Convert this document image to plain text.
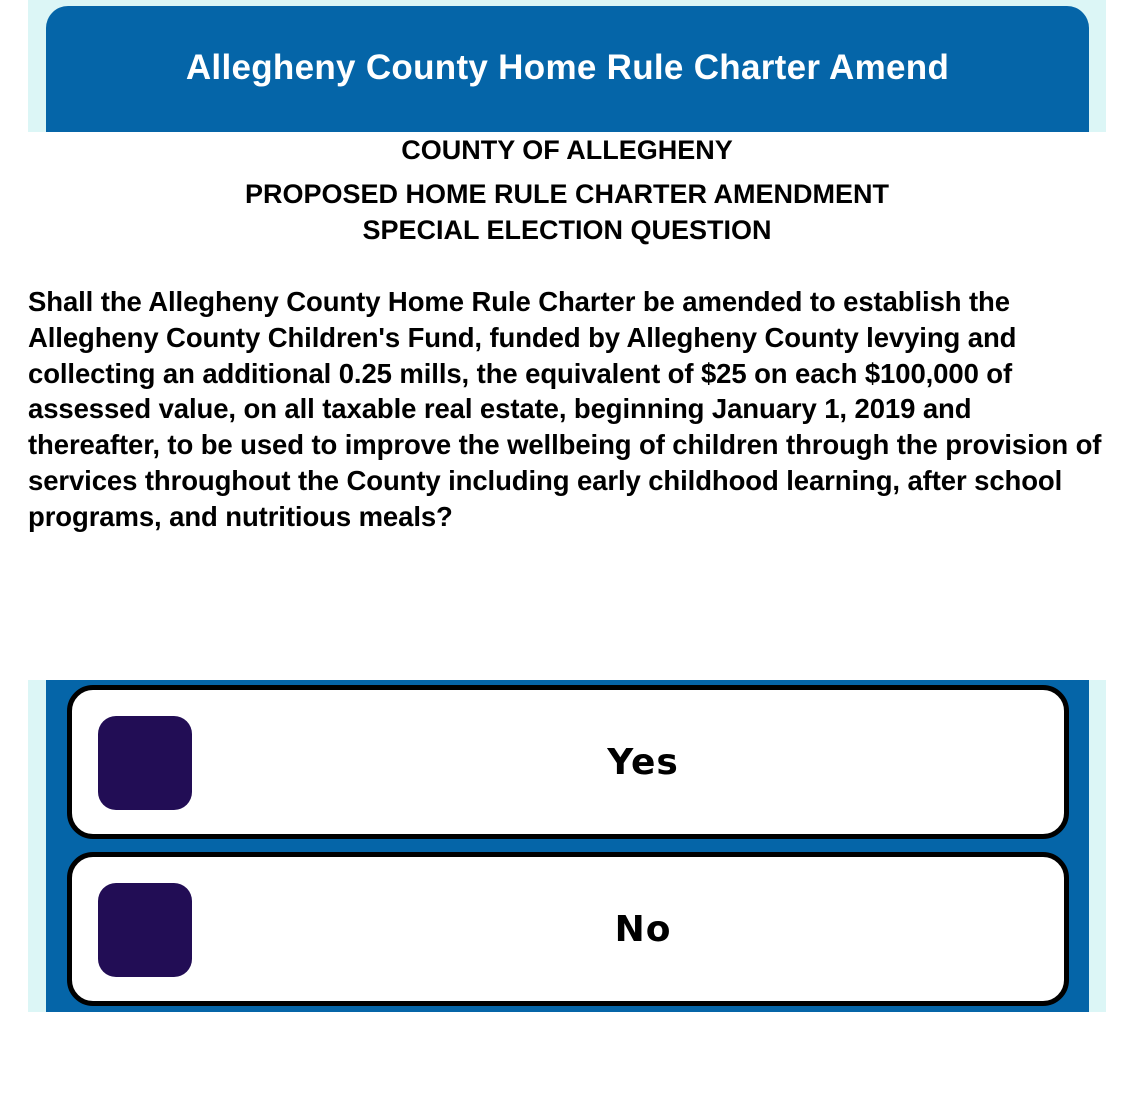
Allegheny County Home Rule Charter Amend
COUNTY OF ALLEGHENY
PROPOSED HOME RULE CHARTER AMENDMENT
SPECIAL ELECTION QUESTION
Shall the Allegheny County Home Rule Charter be amended to establish the Allegheny County Children's Fund, funded by Allegheny County levying and collecting an additional 0.25 mills, the equivalent of $25 on each $100,000 of assessed value, on all taxable real estate, beginning January 1, 2019 and thereafter, to be used to improve the wellbeing of children through the provision of services throughout the County including early childhood learning, after school programs, and nutritious meals?
Yes
No
